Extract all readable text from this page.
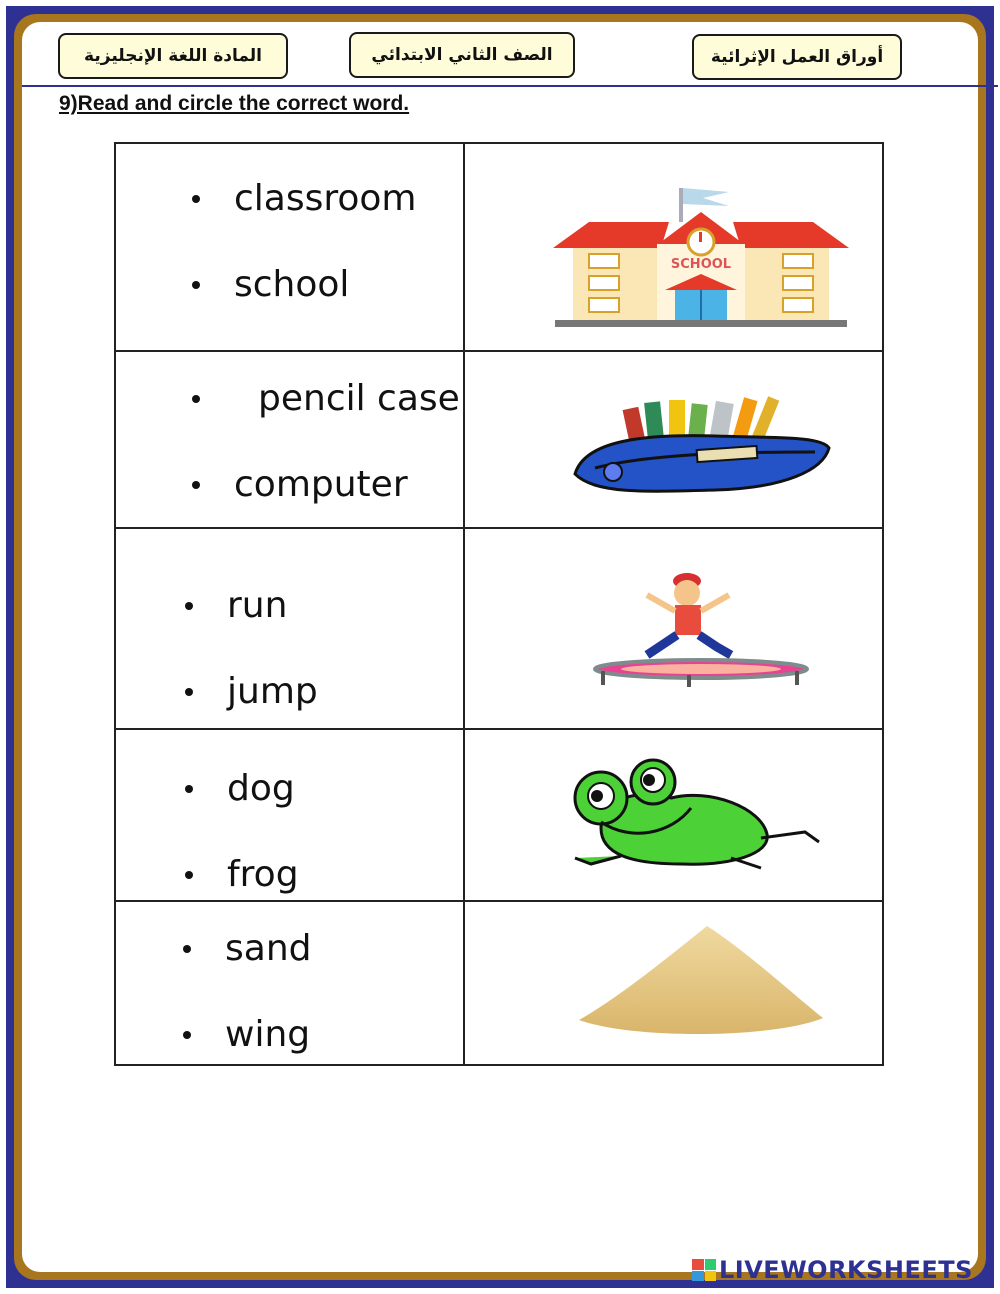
المادة اللغة الإنجليزية	الصف الثاني الابتدائي	أوراق العمل الإثرائية
9)Read and circle the correct word.
classroom
school	SCHOOL

pencil case
computer

run
jump

dog
frog

sand
wing

LIVEWORKSHEETS
